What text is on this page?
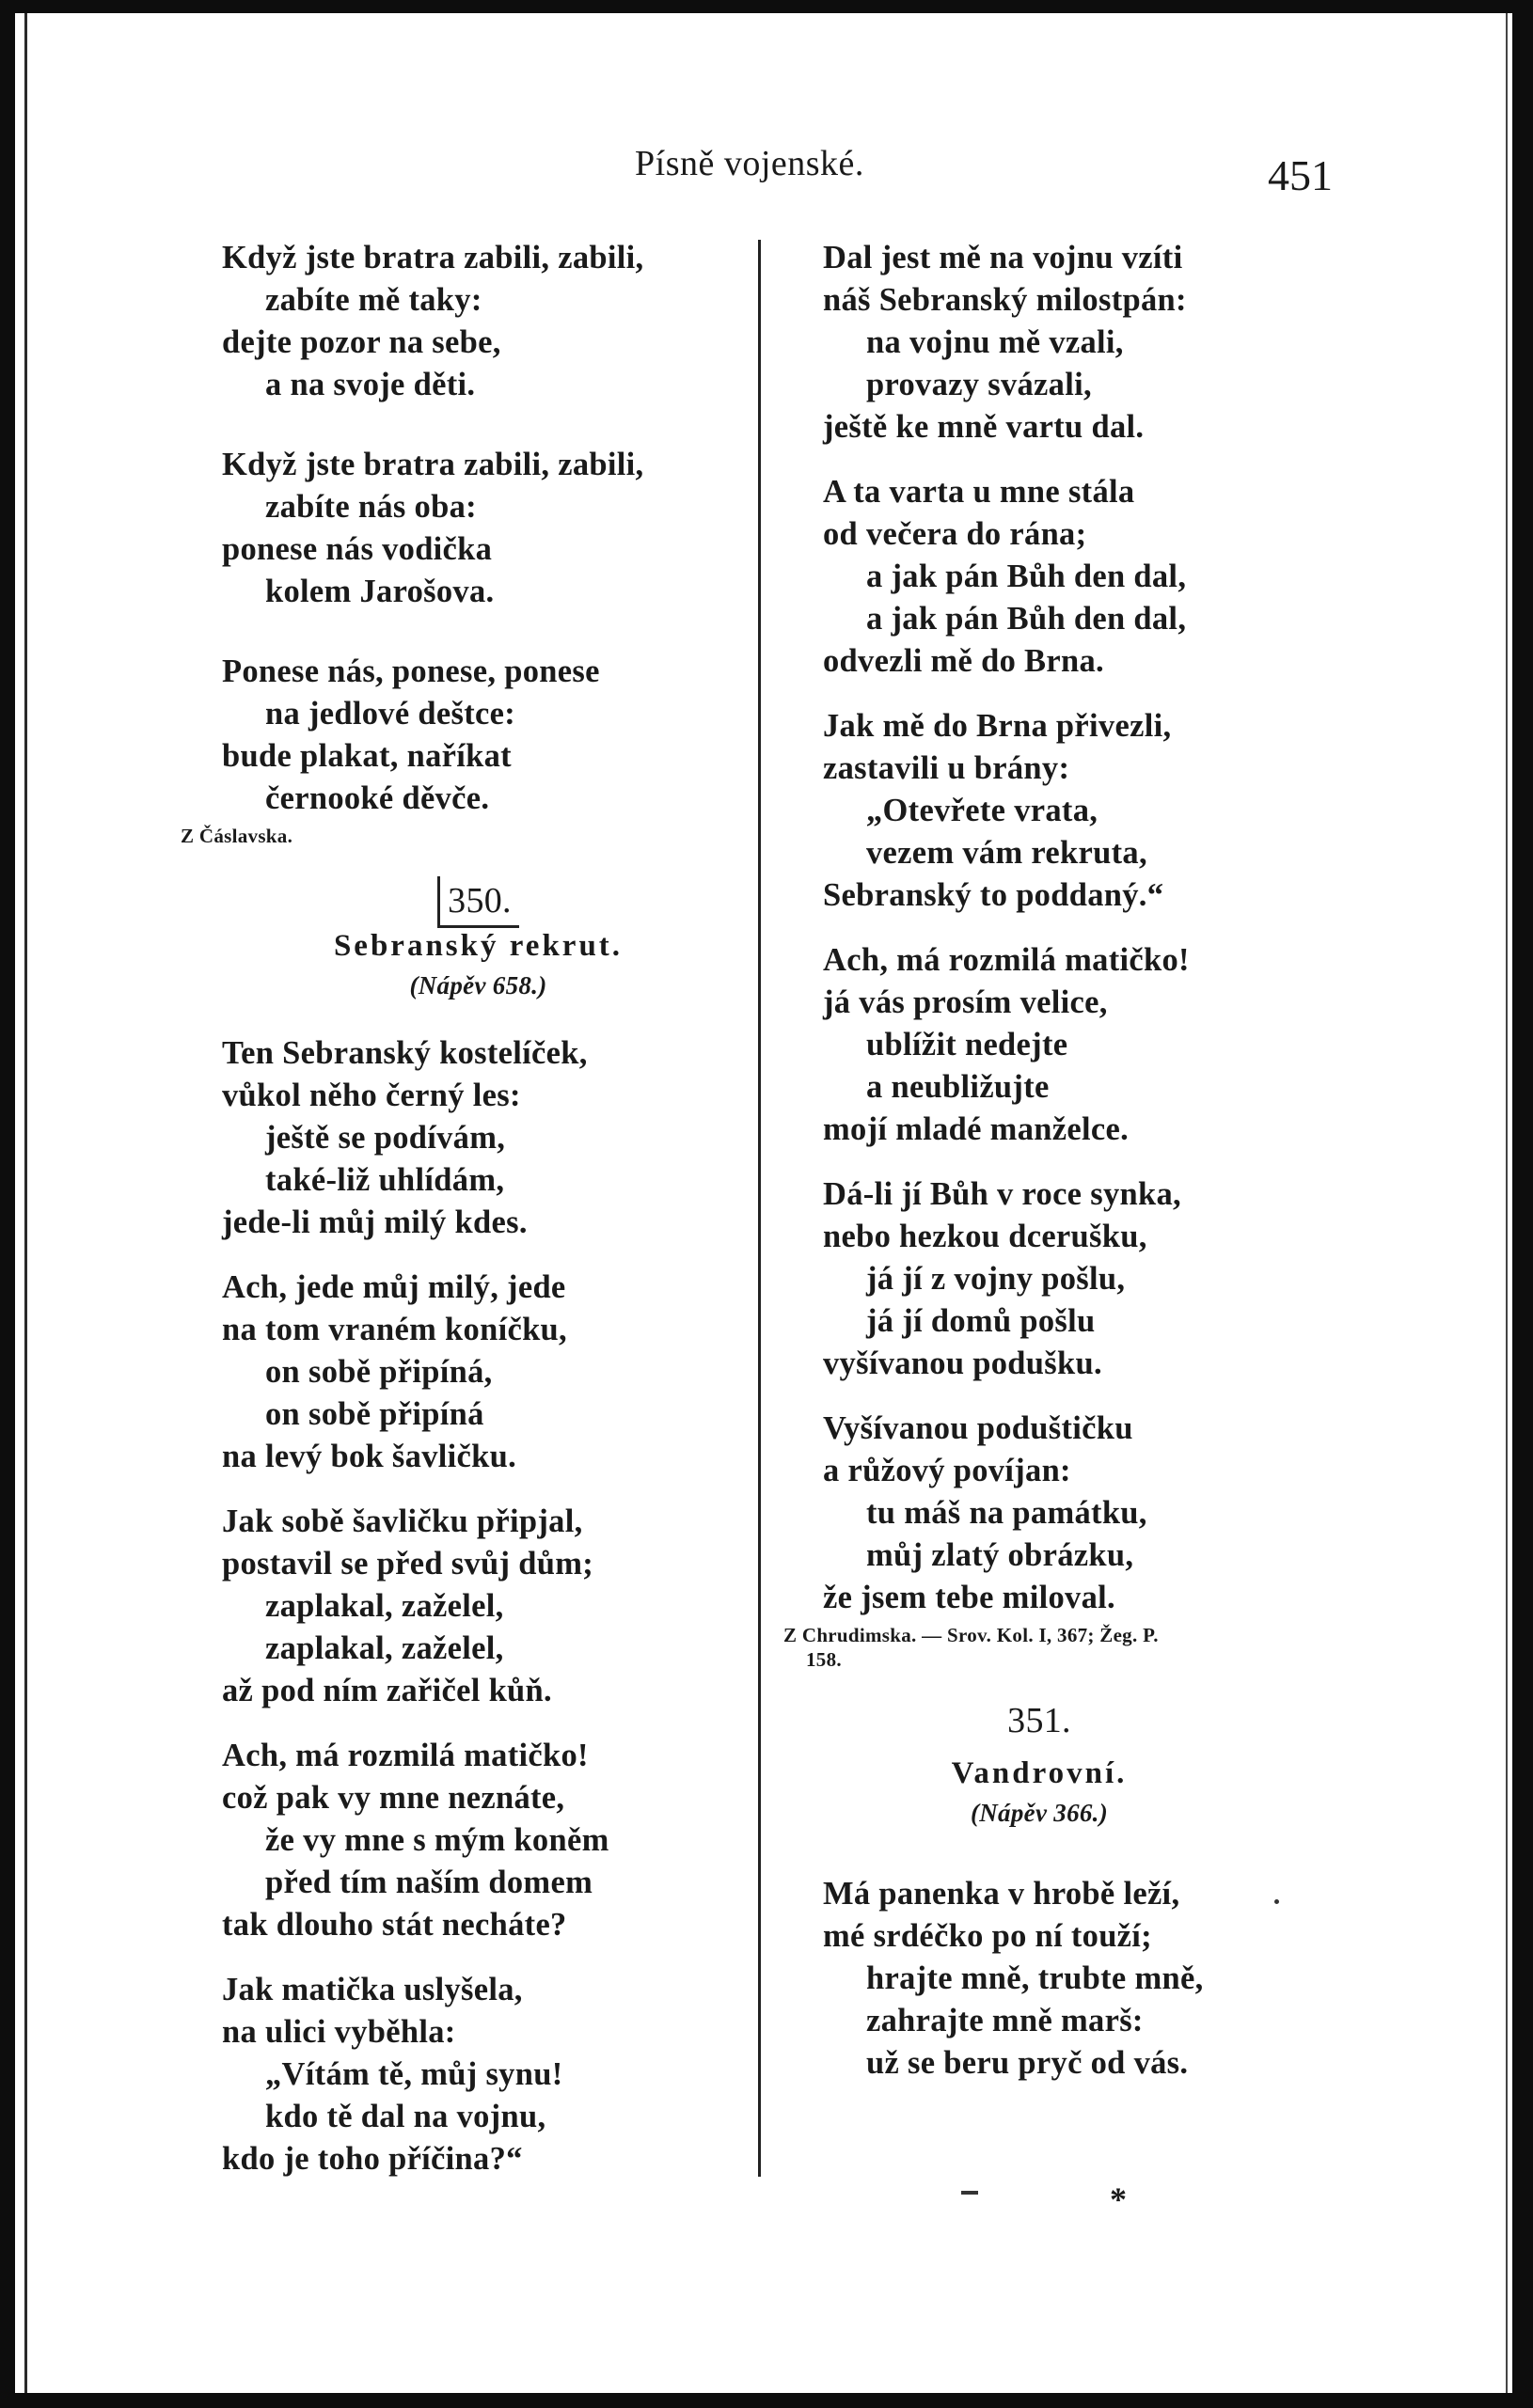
Písně vojenské.	451
Když jste bratra zabili, zabili,
zabíte mě taky:
dejte pozor na sebe,
a na svoje děti.
Když jste bratra zabili, zabili,
zabíte nás oba:
ponese nás vodička
kolem Jarošova.
Ponese nás, ponese, ponese
na jedlové deštce:
bude plakat, naříkat
černooké děvče.
Z Čáslavska.
350.
Sebranský rekrut.
(Nápěv 658.)
Ten Sebranský kostelíček,
vůkol něho černý les:
ještě se podívám,
také-liž uhlídám,
jede-li můj milý kdes.
Ach, jede můj milý, jede
na tom vraném koníčku,
on sobě připíná,
on sobě připíná
na levý bok šavličku.
Jak sobě šavličku připjal,
postavil se před svůj dům;
zaplakal, zaželel,
zaplakal, zaželel,
až pod ním zařičel kůň.
Ach, má rozmilá matičko!
což pak vy mne neznáte,
že vy mne s mým koněm
před tím naším domem
tak dlouho stát necháte?
Jak matička uslyšela,
na ulici vyběhla:
„Vítám tě, můj synu!
kdo tě dal na vojnu,
kdo je toho příčina?“
Dal jest mě na vojnu vzíti
náš Sebranský milostpán:
na vojnu mě vzali,
provazy svázali,
ještě ke mně vartu dal.
A ta varta u mne stála
od večera do rána;
a jak pán Bůh den dal,
a jak pán Bůh den dal,
odvezli mě do Brna.
Jak mě do Brna přivezli,
zastavili u brány:
„Otevřete vrata,
vezem vám rekruta,
Sebranský to poddaný.“
Ach, má rozmilá matičko!
já vás prosím velice,
ublížit nedejte
a neubližujte
mojí mladé manželce.
Dá-li jí Bůh v roce synka,
nebo hezkou dcerušku,
já jí z vojny pošlu,
já jí domů pošlu
vyšívanou podušku.
Vyšívanou poduštičku
a růžový povíjan:
tu máš na památku,
můj zlatý obrázku,
že jsem tebe miloval.
Z Chrudimska. — Srov. Kol. I, 367; Žeg. P.
158.
351.
Vandrovní.
(Nápěv 366.)
Má panenka v hrobě leží,
mé srdéčko po ní touží;
hrajte mně, trubte mně,
zahrajte mně marš:
už se beru pryč od vás.
*
